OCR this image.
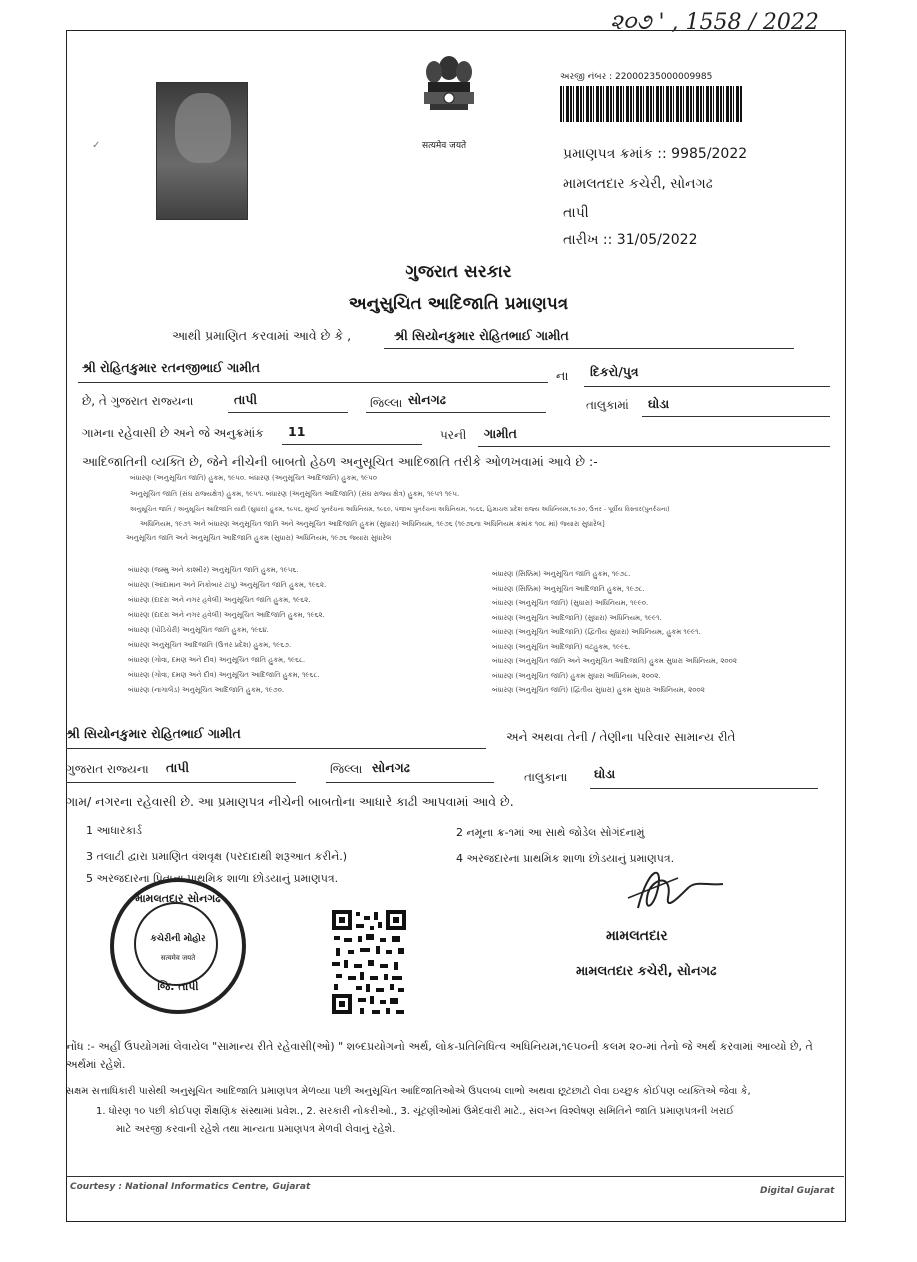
૨૦૭ ' , 1558 / 2022
✓	सत्यमेव जयते
અરજી નંબર : 22000235000009985
પ્રમાણપત્ર ક્રમાંક :: 9985/2022
મામલતદાર કચેરી, સોનગઢ
તાપી
તારીખ :: 31/05/2022
ગુજરાત સરકાર
અનુસુચિત આદિજાતિ પ્રમાણપત્ર
આથી પ્રમાણિત કરવામાં આવે છે કે ,	શ્રી સિયોનકુમાર રોહિતભાઈ ગામીત
શ્રી રોહિતકુમાર રતનજીભાઈ ગામીત
ના દિકરો/પુત્ર
છે, તે ગુજરાત રાજ્યના	તાપી	જિલ્લા સોનગઢ	તાલુકામાં ઘોડા
ગામના રહેવાસી છે અને જે અનુક્રમાંક 11	પરની ગામીત
આદિજાતિની વ્યક્તિ છે, જેને નીચેની બાબતો હેઠળ અનુસૂચિત આદિજાતિ તરીકે ઓળખવામાં આવે છે :-
બંધારણ (અનુસૂચિત જાતિ) હુકમ, ૧૯૫૦. બંધારણ (અનુસૂચિત આદિજાતિ) હુકમ, ૧૯૫૦
અનુસૂચિત જાતિ (સંઘ રાજ્યક્ષેત્ર) હુકમ, ૧૯૫૧. બંધારણ (અનુસૂચિત આદિજાતિ) (સંઘ રાજ્ય ક્ષેત્ર) હુકમ, ૧૯૫૧ ૧૯૫.
અનુસૂચિત જાતિ / અનુસૂચિત આદિજાતિ યાદી (સુધારા) હુકમ, ૧૯૫૬, મુંબઈ પુનર્રચના અધિનિયમ, ૧૯૬૦, પંજાબ પુનર્રચના અધિનિયમ, ૧૯૬૬, હિમાચલ પ્રદેશ રાજ્ય અધિનિયમ,૧૯૭૦, ઉત્તર - પૂર્વીય વિસ્તાર(પુનર્રચના)
અધિનિયમ, ૧૯૭૧ અને બંધારણ અનુસૂચિત જાતિ અને અનુસૂચિત આદિજાતિ હુકમ (સુધારા) અધિનિયમ, ૧૯૭૬ (૧૯૭૬ના અધિનિયમ ક્રમાંક ૧૦૮ માં) જ્યારા સુધારેલ]
અનુસૂચિત જાતિ અને અનુસૂચિત આદિજાતિ હુકમ (સુધારા) અધિનિયમ, ૧૯૭૬ જ્યારા સુધારેલ
બંધારણ (જમ્મુ અને કાશ્મીર) અનુસૂચિત જાતિ હુકમ, ૧૯૫૬.
બંધારણ (આંદામાન અને નિકોબાર ટાપુ) અનુસૂચિત જાતિ હુકમ, ૧૯૬૨.
બંધારણ (દાદરા અને નગર હવેલી) અનુસૂચિત જાતિ હુકમ, ૧૯૬૨.
બંધારણ (દાદરા અને નગર હવેલી) અનુસૂચિત આદિજાતિ હુકમ, ૧૯૬૨.
બંધારણ (પોંડિચેરી) અનુસૂચિત જાતિ હુકમ, ૧૯૬૪.
બંધારણ અનુસૂચિત આદિજાતિ (ઉત્તર પ્રદેશ) હુકમ, ૧૯૬૭.
બંધારણ (ગોવા, દમણ અને દીવ) અનુસૂચિત જાતિ હુકમ, ૧૯૬૮.
બંધારણ (ગોવા, દમણ અને દીવ) અનુસૂચિત આદિજાતિ હુકમ, ૧૯૬૮.
બંધારણ (નાગાલેંડ) અનુસૂચિત આદિજાતિ હુકમ, ૧૯૭૦.
બંધારણ (સિક્કિમ) અનુસૂચિત જાતિ હુકમ, ૧૯૭૮.
બંધારણ (સિક્કિમ) અનુસૂચિત આદિજાતિ હુકમ, ૧૯૭૮.
બંધારણ (અનુસૂચિત જાતિ) (સુધારા) અધિનિયમ, ૧૯૯૦.
બંધારણ (અનુસૂચિત આદિજાતિ) (સુધારા) અધિનિયમ, ૧૯૯૧.
બંધારણ (અનુસૂચિત આદિજાતિ) (દ્વિતીય સુધારા) અધિનિયમ, હુકમ ૧૯૯૧.
બંધારણ (અનુસૂચિત આદિજાતિ) વટહુકમ, ૧૯૯૬.
બંધારણ (અનુસૂચિત જાતિ અને અનુસૂચિત આદિજાતિ) હુકમ સુધારા અધિનિયમ, ૨૦૦૨
બંધારણ (અનુસૂચિત જાતિ) હુકમ સુધારા અધિનિયમ, ૨૦૦૨.
બંધારણ (અનુસૂચિત જાતિ) (દ્વિતીય સુધારા) હુકમ સુધારા અધિનિયમ, ૨૦૦૨
શ્રી સિયોનકુમાર રોહિતભાઈ ગામીત	અને અથવા તેની / તેણીના પરિવાર સામાન્ય રીતે
ગુજરાત રાજ્યના તાપી	જિલ્લા સોનગઢ
તાલુકાના ઘોડા
ગામ/ નગરના રહેવાસી છે. આ પ્રમાણપત્ર નીચેની બાબતોના આધારે કાઢી આપવામાં આવે છે.
1 આધારકાર્ડ	2 નમૂના ક્ર-૧માં આ સાથે જોડેલ સોગંદનામું
3 તલાટી દ્વારા પ્રમાણિત વંશવૃક્ષ (પરદાદાથી શરૂઆત કરીને.)	4 અરજદારના પ્રાથમિક શાળા છોડયાનું પ્રમાણપત્ર.
5 અરજદારના પિતાના પ્રાથમિક શાળા છોડયાનું પ્રમાણપત્ર.
મામલતદાર સોનગઢ
કચેરીની મોહોર
सत्यमेव जयते
જિ. તાપી
મામલતદાર
મામલતદાર કચેરી, સોનગઢ
નોંધ :- અહીં ઉપયોગમાં લેવાયેલ "સામાન્ય રીતે રહેવાસી(ઓ) " શબ્દપ્રયોગનો અર્થ, લોક-પ્રતિનિધિત્વ અધિનિયમ,૧૯૫૦ની કલમ ૨૦-માં તેનો જે અર્થ કરવામાં આવ્યો છે, તે
અર્થમાં રહેશે.
સક્ષમ સત્તાધિકારી પાસેથી અનુસૂચિત આદિજાતિ પ્રમાણપત્ર મેળવ્યા પછી અનુસૂચિત આદિજાતિઓએ ઉપલબ્ધ લાભો અથવા છૂટછાટો લેવા ઇચ્છુક કોઈપણ વ્યક્તિએ જેવા કે,
1. ધોરણ ૧૦ પછી કોઈપણ શૈક્ષણિક સંસ્થામાં પ્રવેશ., 2. સરકારી નોકરીઓ., 3. ચૂંટણીઓમાં ઉમેદવારી માટે., સંલગ્ન વિશ્લેષણ સમિતિને જાતિ પ્રમાણપત્રની ખરાઈ
માટે અરજી કરવાની રહેશે તથા માન્યતા પ્રમાણપત્ર મેળવી લેવાનું રહેશે.
Courtesy : National Informatics Centre, Gujarat	Digital Gujarat
